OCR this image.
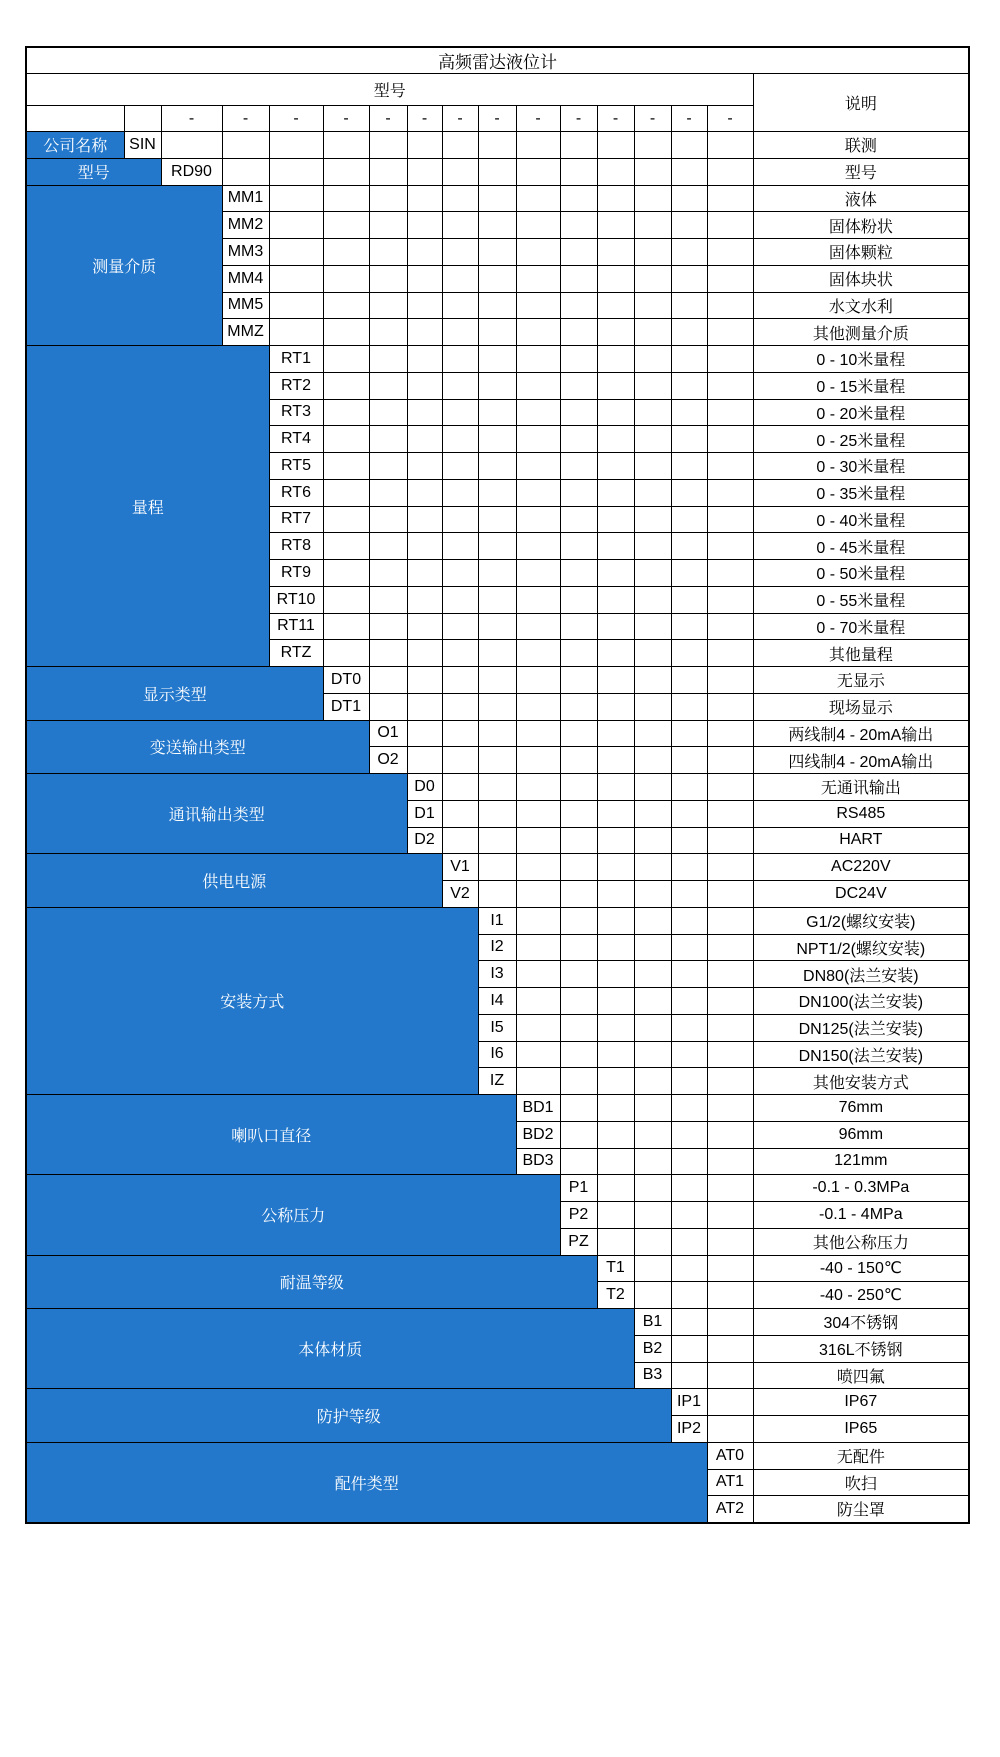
高频雷达液位计																
型号																说明
		-	-	-	-	-	-	-	-	-	-	-	-	-	-	
公司名称	SIN															联测
型号		RD90														型号
测量介质			MM1													液体
			MM2													固体粉状
			MM3													固体颗粒
			MM4													固体块状
			MM5													水文水利
			MMZ													其他测量介质
量程				RT1												0 - 10米量程
				RT2												0 - 15米量程
				RT3												0 - 20米量程
				RT4												0 - 25米量程
				RT5												0 - 30米量程
				RT6												0 - 35米量程
				RT7												0 - 40米量程
				RT8												0 - 45米量程
				RT9												0 - 50米量程
				RT10												0 - 55米量程
				RT11												0 - 70米量程
				RTZ												其他量程
显示类型					DT0											无显示
					DT1											现场显示
变送输出类型						O1										两线制4 - 20mA输出
						O2										四线制4 - 20mA输出
通讯输出类型							D0									无通讯输出
							D1									RS485
							D2									HART
供电电源								V1								AC220V
								V2								DC24V
安装方式									I1							G1/2(螺纹安装)
									I2							NPT1/2(螺纹安装)
									I3							DN80(法兰安装)
									I4							DN100(法兰安装)
									I5							DN125(法兰安装)
									I6							DN150(法兰安装)
									IZ							其他安装方式
喇叭口直径										BD1						76mm
										BD2						96mm
										BD3						121mm
公称压力											P1					-0.1 - 0.3MPa
											P2					-0.1 - 4MPa
											PZ					其他公称压力
耐温等级												T1				-40 - 150℃
												T2				-40 - 250℃
本体材质													B1			304不锈钢
													B2			316L不锈钢
													B3			喷四氟
防护等级														IP1		IP67
														IP2		IP65
配件类型															AT0	无配件
															AT1	吹扫
															AT2	防尘罩
